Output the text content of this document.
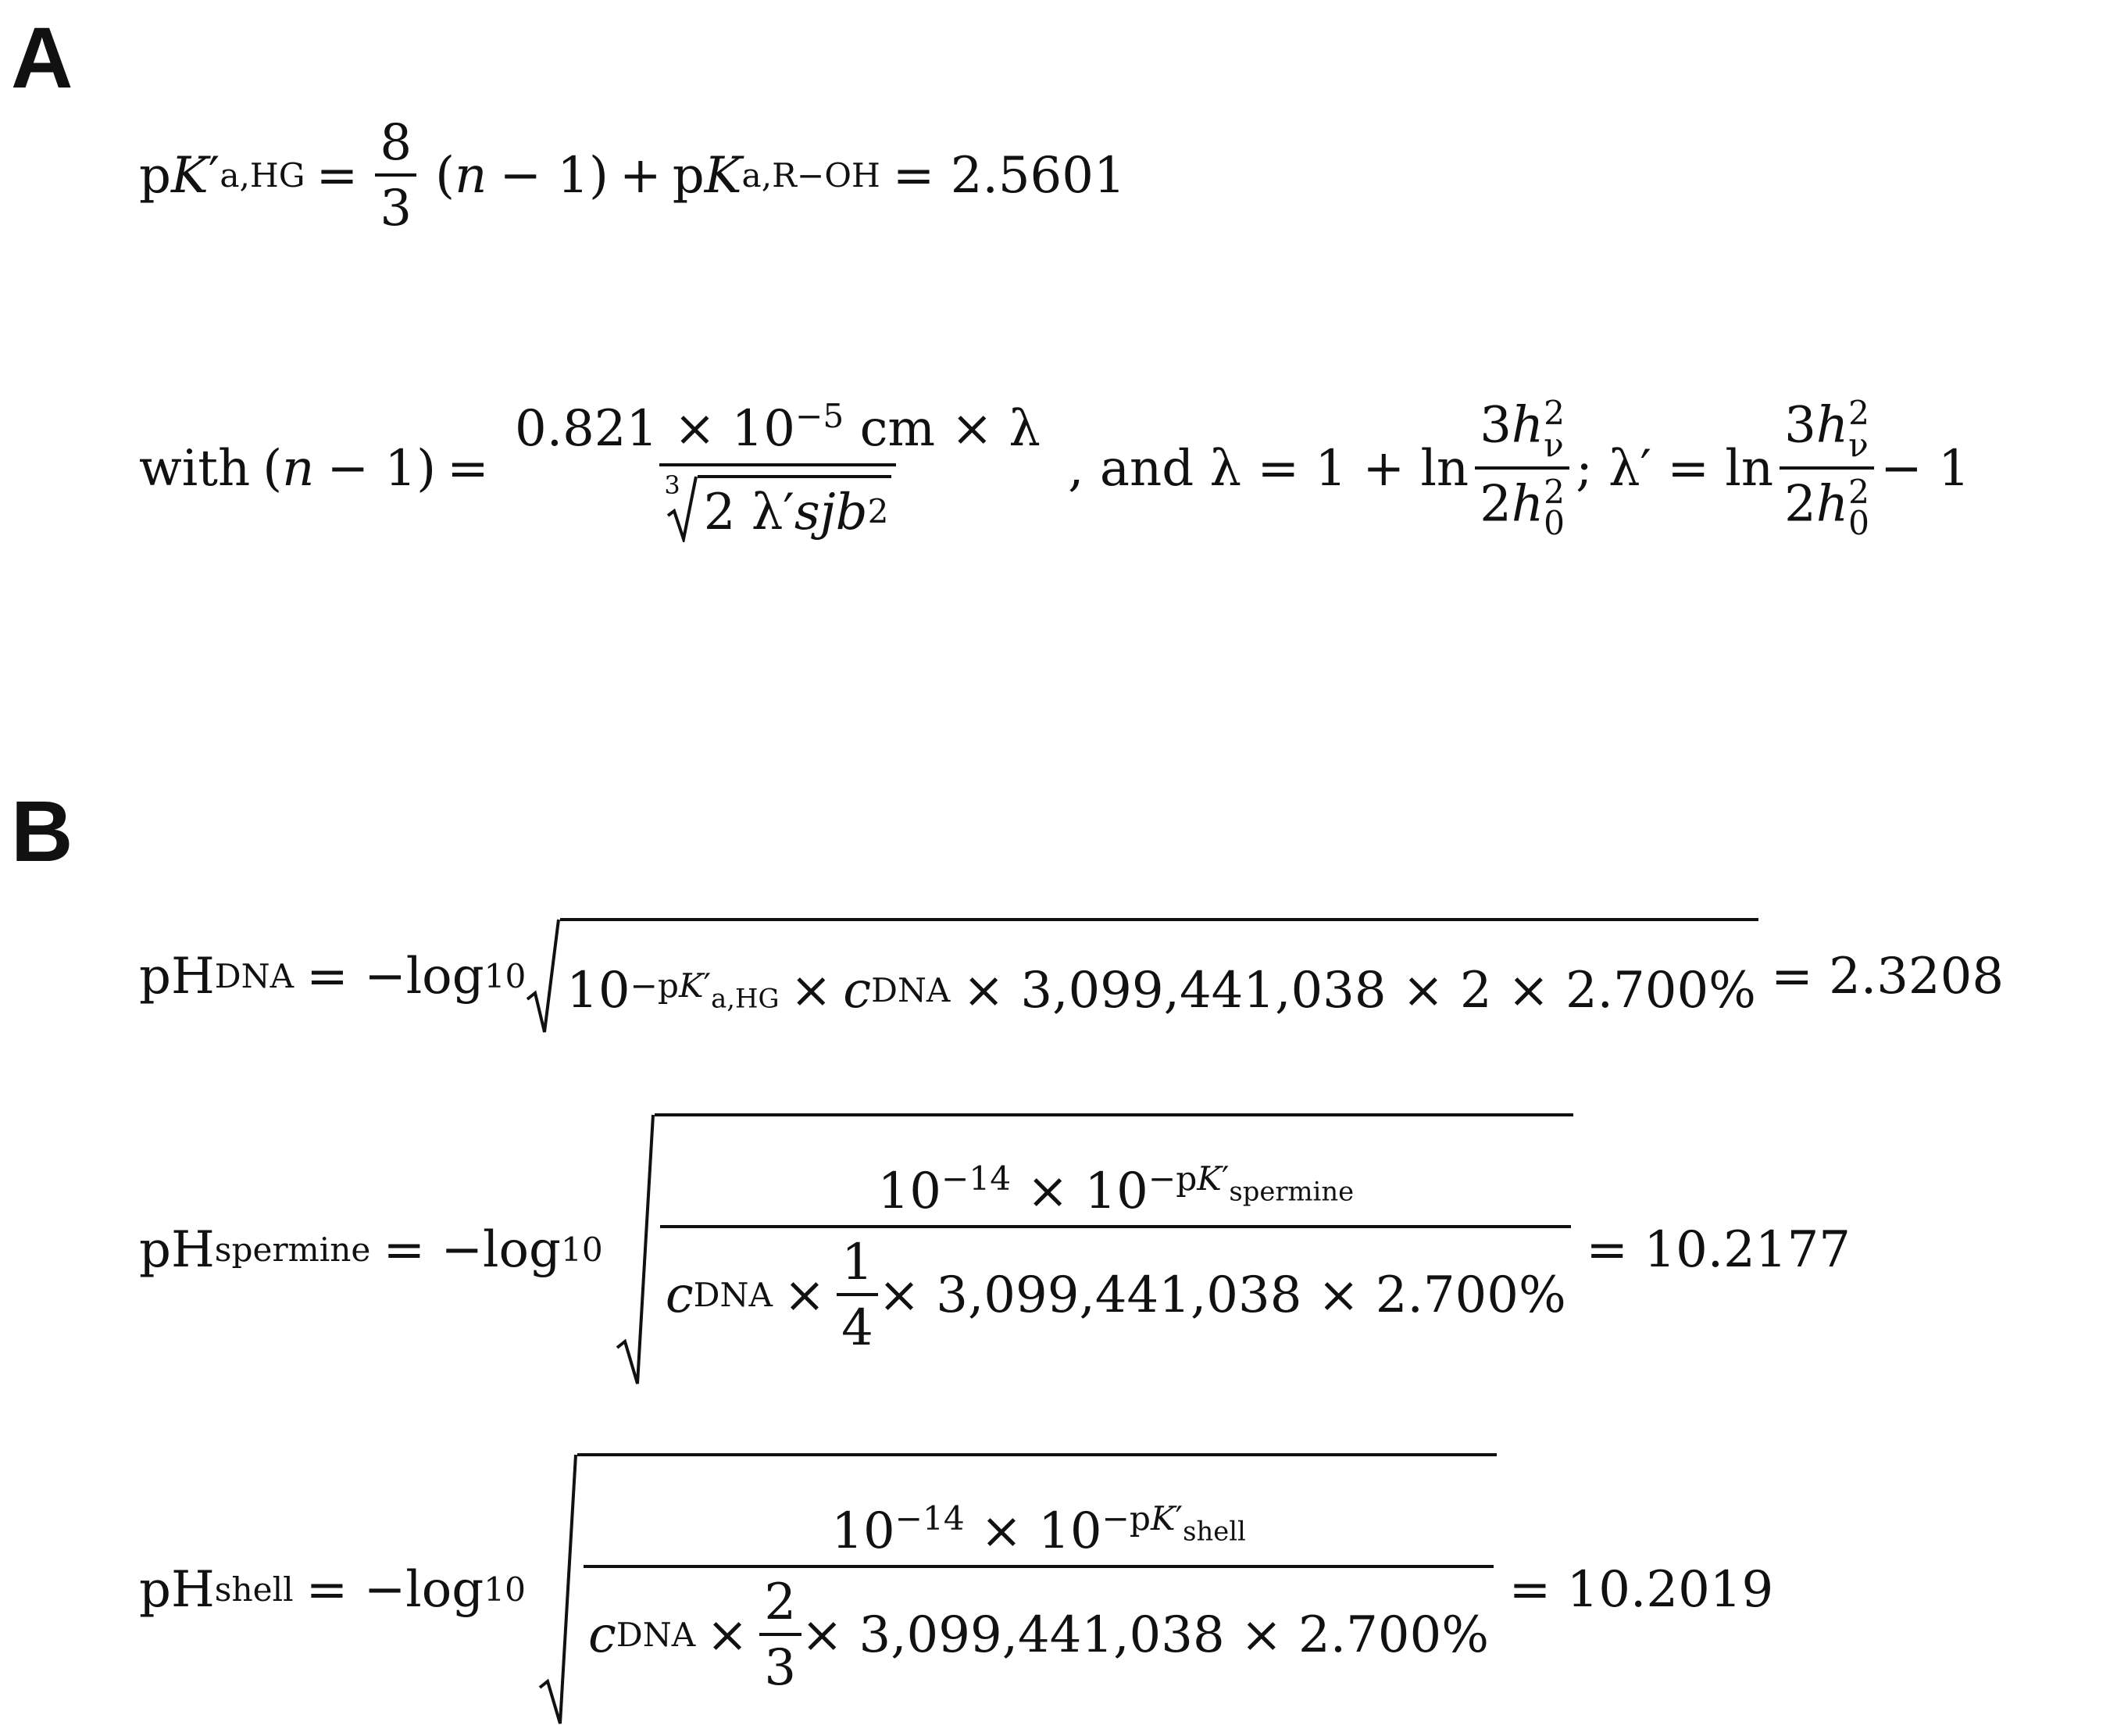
A
B
p K ′ $a,HG = \frac{8}{3}$ ( n − 1) + p K a,R−OH = 2.5601
with ( $n - 1) = \frac{0.821 \times 10^{-5} cm \times \lambda}{\text{3 2 λ′ sjb 2}}$ , and λ = 1 + ln 3h 2
ν
2h 2
0 ; λ′ = ln 3h 2
ν
2h 2
0 − 1
pH DNA = −log 10 $10 -pK'_{a,HG} \times c$ DNA × 3,099,441,038 × 2 × 2.700% = 2.3208
pH spermine = −log 10
$10^{-14} \times 10^{-pK'_{spermine}}$
c DNA × $\frac{1}{4} \times 3,099,441,038 \times 2.700\%$
= 10.2177
pH shell = −log 10
$10^{-14} \times 10^{-pK'_{shell}}$
c DNA × $\frac{2}{3} \times 3,099,441,038 \times 2.700\%$
= 10.2019
